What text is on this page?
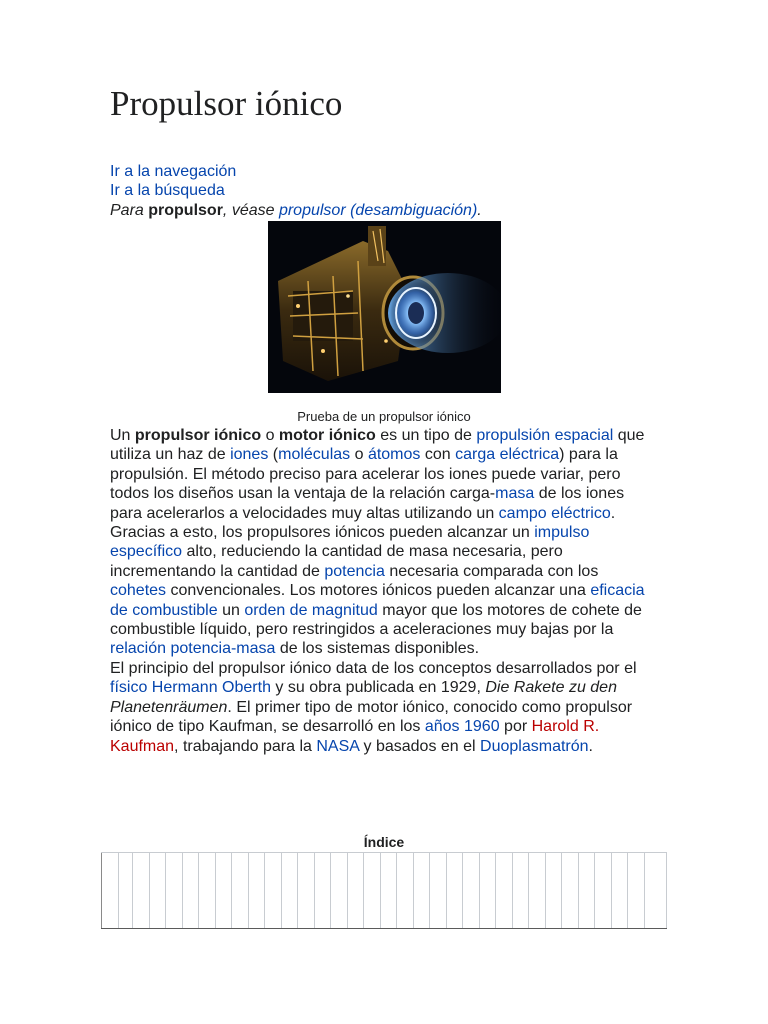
Propulsor iónico
Ir a la navegación
Ir a la búsqueda
Para propulsor, véase propulsor (desambiguación).
Prueba de un propulsor iónico

Un propulsor iónico o motor iónico es un tipo de propulsión espacial que utiliza un haz de iones (moléculas o átomos con carga eléctrica) para la propulsión. El método preciso para acelerar los iones puede variar, pero todos los diseños usan la ventaja de la relación carga-masa de los iones para acelerarlos a velocidades muy altas utilizando un campo eléctrico. Gracias a esto, los propulsores iónicos pueden alcanzar un impulso específico alto, reduciendo la cantidad de masa necesaria, pero incrementando la cantidad de potencia necesaria comparada con los cohetes convencionales. Los motores iónicos pueden alcanzar una eficacia de combustible un orden de magnitud mayor que los motores de cohete de combustible líquido, pero restringidos a aceleraciones muy bajas por la relación potencia-masa de los sistemas disponibles.

El principio del propulsor iónico data de los conceptos desarrollados por el físico Hermann Oberth y su obra publicada en 1929, Die Rakete zu den Planetenräumen. El primer tipo de motor iónico, conocido como propulsor iónico de tipo Kaufman, se desarrolló en los años 1960 por Harold R. Kaufman, trabajando para la NASA y basados en el Duoplasmatrón.

Índice
